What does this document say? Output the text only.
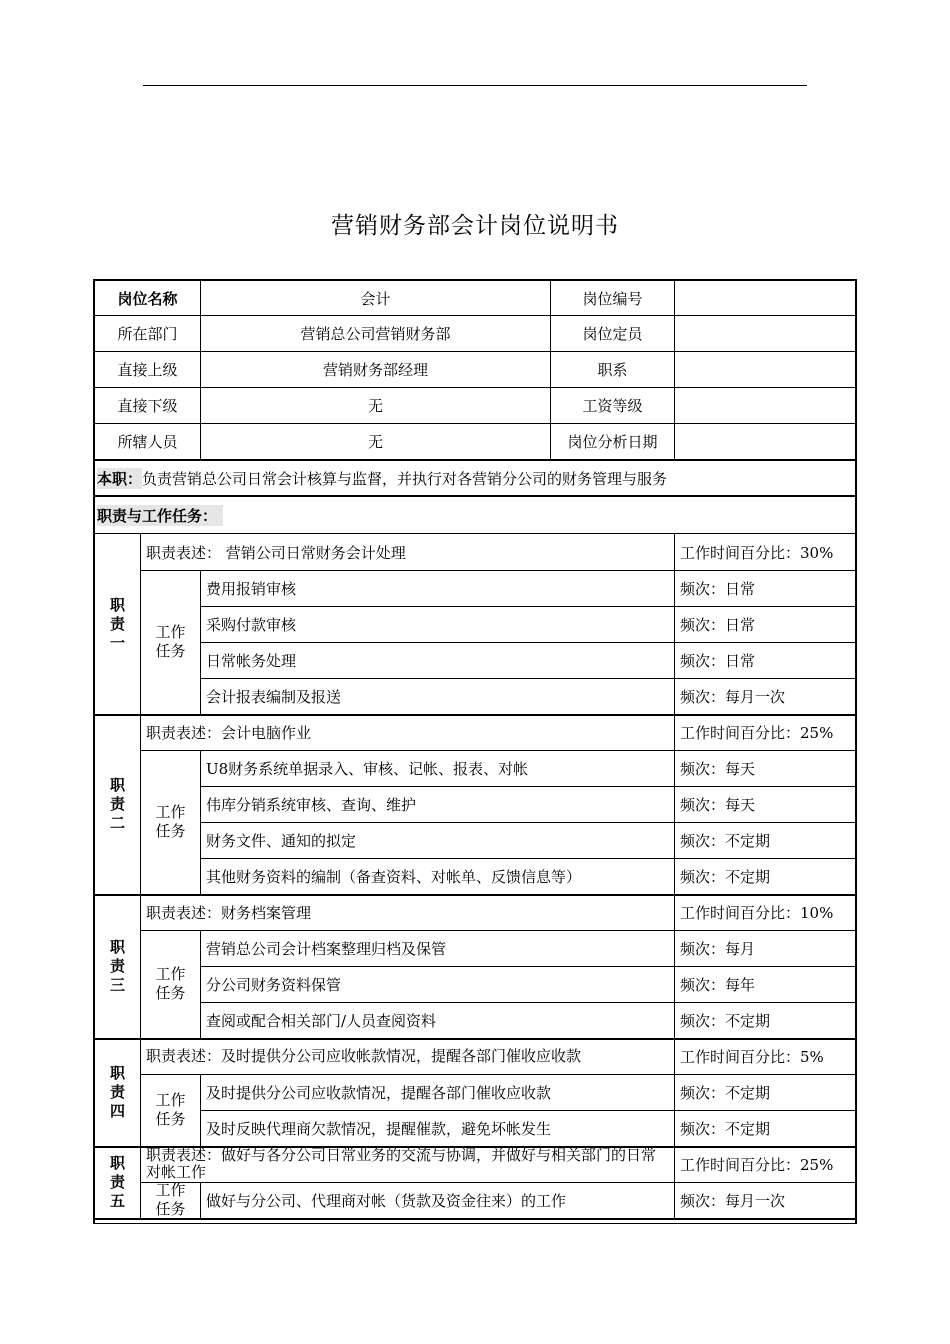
营销财务部会计岗位说明书
岗位名称	会计	岗位编号
所在部门	营销总公司营销财务部	岗位定员
直接上级	营销财务部经理	职系
直接下级	无	工资等级
所辖人员	无	岗位分析日期
本职： 负责营销总公司日常会计核算与监督，并执行对各营销分公司的财务管理与服务
职责与工作任务：
职责一
职责表述： 营销公司日常财务会计处理	工作时间百分比：30%
工作任务
费用报销审核	频次：日常
采购付款审核	频次：日常
日常帐务处理	频次：日常
会计报表编制及报送	频次：每月一次
职责二
职责表述：会计电脑作业	工作时间百分比：25%
工作任务
U8财务系统单据录入、审核、记帐、报表、对帐	频次：每天
伟库分销系统审核、查询、维护	频次：每天
财务文件、通知的拟定	频次：不定期
其他财务资料的编制（备查资料、对帐单、反馈信息等）	频次：不定期
职责三
职责表述：财务档案管理	工作时间百分比：10%
工作任务
营销总公司会计档案整理归档及保管	频次：每月
分公司财务资料保管	频次：每年
查阅或配合相关部门/人员查阅资料	频次：不定期
职责四
职责表述：及时提供分公司应收帐款情况，提醒各部门催收应收款	工作时间百分比：5%
工作任务
及时提供分公司应收款情况，提醒各部门催收应收款	频次：不定期
及时反映代理商欠款情况，提醒催款，避免坏帐发生	频次：不定期
职责五
职责表述：做好与各分公司日常业务的交流与协调，并做好与相关部门的日常对帐工作	工作时间百分比：25%
工作任务	做好与分公司、代理商对帐（货款及资金往来）的工作	频次：每月一次
